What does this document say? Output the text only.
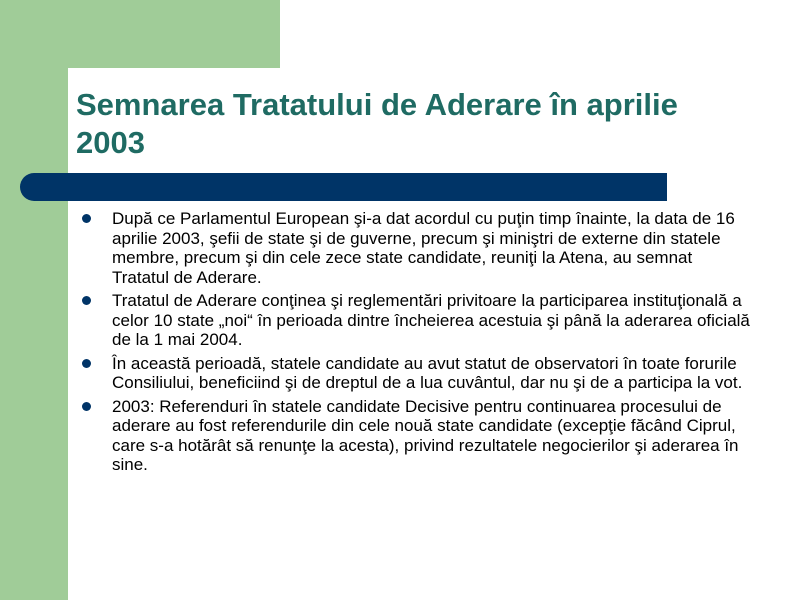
Semnarea Tratatului de Aderare în aprilie 2003
După ce Parlamentul European şi-a dat acordul cu puţin timp înainte, la data de 16 aprilie 2003, şefii de state şi de guverne, precum şi miniştri de externe din statele membre, precum şi din cele zece state candidate, reuniţi la Atena, au semnat Tratatul de Aderare.
Tratatul de Aderare conţinea şi reglementări privitoare la participarea instituţională a celor 10 state „noi“ în perioada dintre încheierea acestuia şi până la aderarea oficială de la 1 mai 2004.
În această perioadă, statele candidate au avut statut de observatori în toate forurile Consiliului, beneficiind şi de dreptul de a lua cuvântul, dar nu şi de a participa la vot.
2003: Referenduri în statele candidate Decisive pentru continuarea procesului de aderare au fost referendurile din cele nouă state candidate (excepţie făcând Ciprul, care s-a hotărât să renunţe la acesta), privind rezultatele negocierilor şi aderarea în sine.
